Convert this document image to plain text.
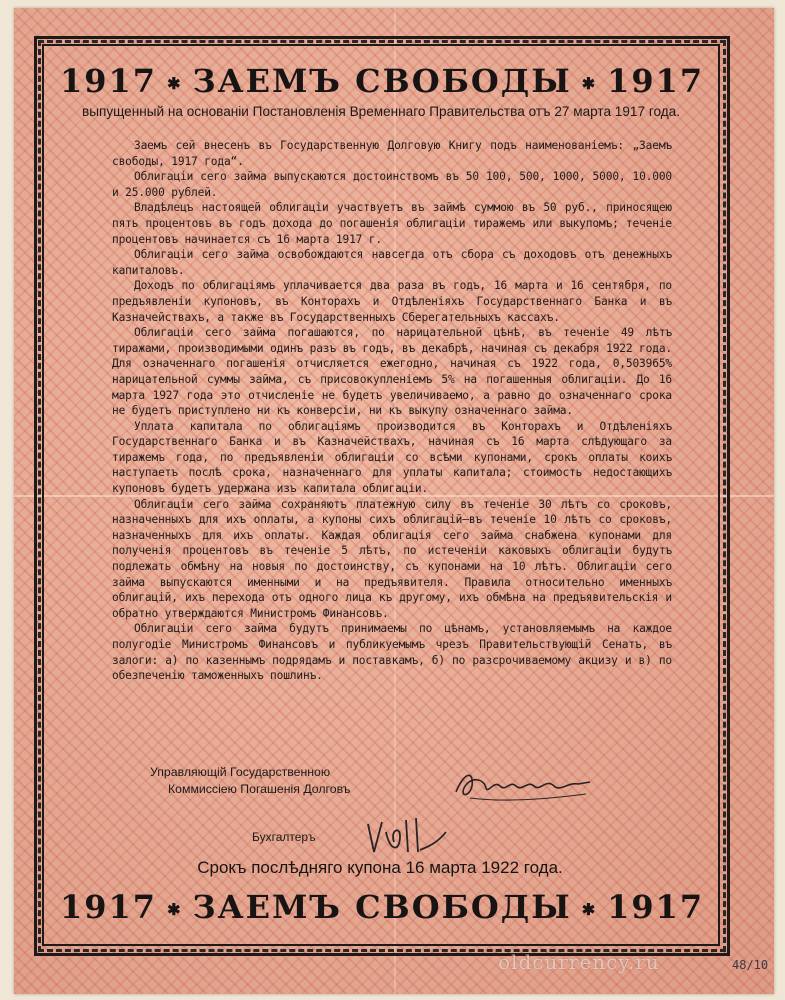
1917 ✱ ЗАЕМЪ СВОБОДЫ ✱ 1917
выпущенный на основаніи Постановленія Временнаго Правительства отъ 27 марта 1917 года.

Заемъ сей внесенъ въ Государственную Долговую Книгу подъ наименованіемъ: „Заемъ свободы, 1917 года“.

Облигаціи сего займа выпускаются достоинствомъ въ 50 100, 500, 1000, 5000, 10.000 и 25.000 рублей.

Владѣлецъ настоящей облигаціи участвуетъ въ займѣ суммою въ 50 руб., приносящею пять процентовъ въ годъ дохода до погашенія облигаціи тиражемъ или выкупомъ; теченіе процентовъ начинается съ 16 марта 1917 г.

Облигаціи сего займа освобождаются навсегда отъ сбора съ доходовъ отъ денежныхъ капиталовъ.

Доходъ по облигаціямъ уплачивается два раза въ годъ, 16 марта и 16 сентября, по предъявленіи купоновъ, въ Конторахъ и Отдѣленіяхъ Государственнаго Банка и въ Казначействахъ, а также въ Государственныхъ Сберегательныхъ кассахъ.

Облигаціи сего займа погашаются, по нарицательной цѣнѣ, въ теченіе 49 лѣтъ тиражами, производимыми одинъ разъ въ годъ, въ декабрѣ, начиная съ декабря 1922 года. Для означеннаго погашенія отчисляется ежегодно, начиная съ 1922 года, 0,503965% нарицательной суммы займа, съ присовокупленіемъ 5% на погашенныя облигаціи. До 16 марта 1927 года это отчисленіе не будетъ увеличиваемо, а равно до означеннаго срока не будетъ приступлено ни къ конверсіи, ни къ выкупу означеннаго займа.

Уплата капитала по облигаціямъ производится въ Конторахъ и Отдѣленіяхъ Государственнаго Банка и въ Казначействахъ, начиная съ 16 марта слѣдующаго за тиражемъ года, по предъявленіи облигаціи со всѣми купонами, срокъ оплаты коихъ наступаетъ послѣ срока, назначеннаго для уплаты капитала; стоимость недостающихъ купоновъ будетъ удержана изъ капитала облигаціи.

Облигаціи сего займа сохраняютъ платежную силу въ теченіе 30 лѣтъ со сроковъ, назначенныхъ для ихъ оплаты, а купоны сихъ облигацій—въ теченіе 10 лѣтъ со сроковъ, назначенныхъ для ихъ оплаты. Каждая облигація сего займа снабжена купонами для полученія процентовъ въ теченіе 5 лѣтъ, по истеченіи каковыхъ облигаціи будутъ подлежать обмѣну на новыя по достоинству, съ купонами на 10 лѣтъ. Облигаціи сего займа выпускаются именными и на предъявителя. Правила относительно именныхъ облигацій, ихъ перехода отъ одного лица къ другому, ихъ обмѣна на предъявительскія и обратно утверждаются Министромъ Финансовъ.

Облигаціи сего займа будутъ принимаемы по цѣнамъ, установляемымъ на каждое полугодіе Министромъ Финансовъ и публикуемымъ чрезъ Правительствующій Сенатъ, въ залоги: а) по казеннымъ подрядамъ и поставкамъ, б) по разсрочиваемому акцизу и в) по обезпеченію таможенныхъ пошлинъ.

Управляющій Государственною
Коммиссіею Погашенія Долговъ
Бухгалтеръ
Срокъ послѣдняго купона 16 марта 1922 года.
1917 ✱ ЗАЕМЪ СВОБОДЫ ✱ 1917
oldcurrency.ru	48/10
